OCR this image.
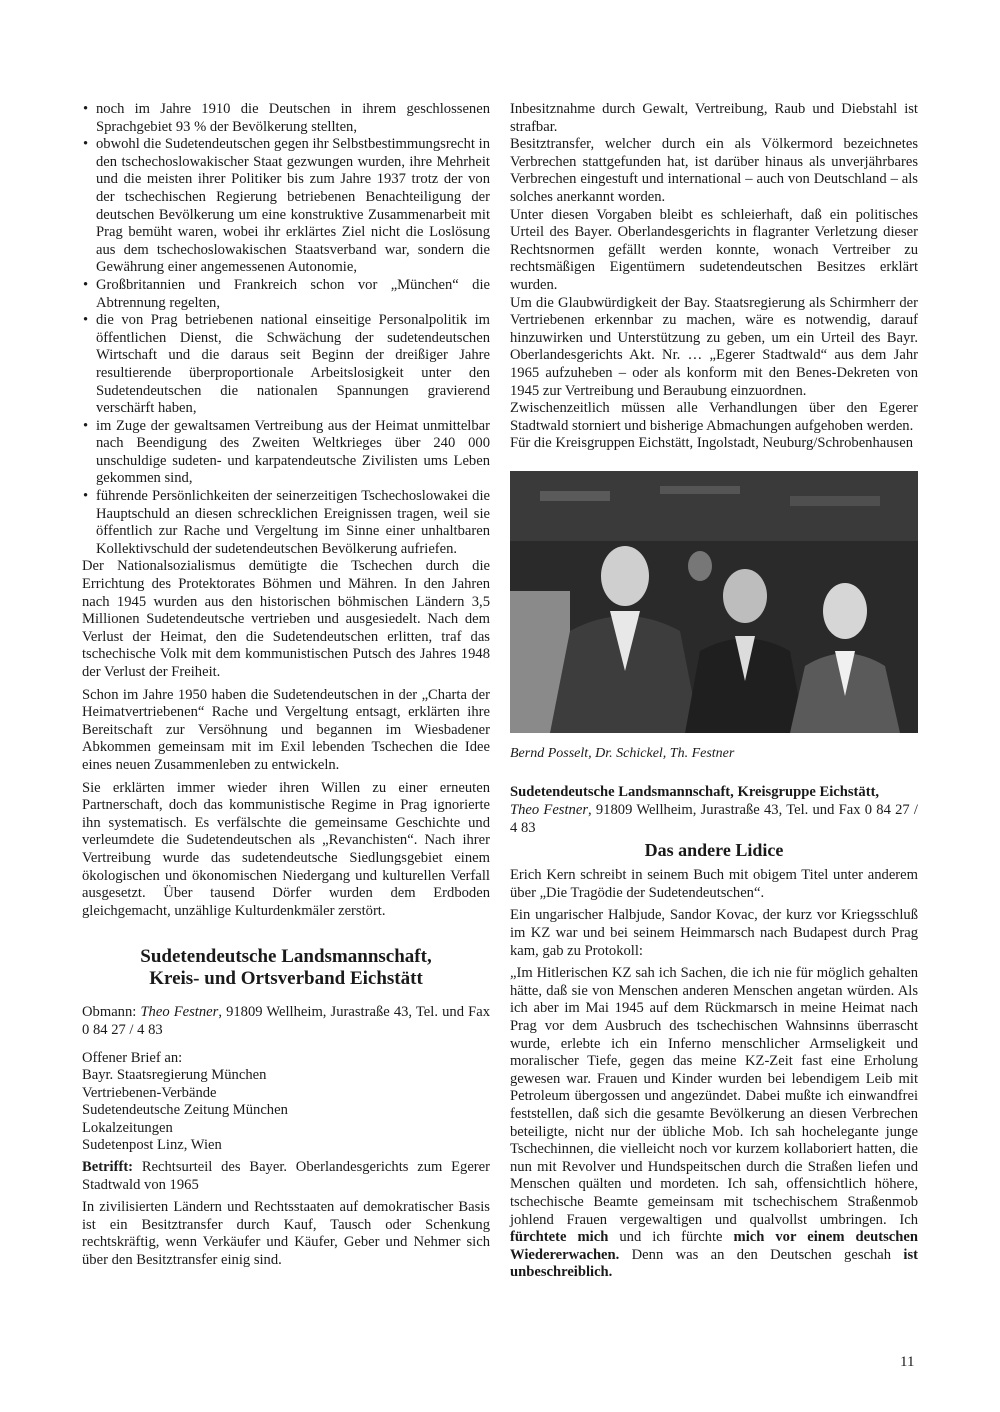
• noch im Jahre 1910 die Deutschen in ihrem geschlossenen Sprachgebiet 93 % der Bevölkerung stellten,
• obwohl die Sudetendeutschen gegen ihr Selbstbestimmungsrecht in den tschechoslowakischer Staat gezwungen wurden, ihre Mehrheit und die meisten ihrer Politiker bis zum Jahre 1937 trotz der von der tschechischen Regierung betriebenen Benachteiligung der deutschen Bevölkerung um eine konstruktive Zusammenarbeit mit Prag bemüht waren, wobei ihr erklärtes Ziel nicht die Loslösung aus dem tschechoslowakischen Staatsverband war, sondern die Gewährung einer angemessenen Autonomie,
• Großbritannien und Frankreich schon vor „München“ die Abtrennung regelten,
• die von Prag betriebenen national einseitige Personalpolitik im öffentlichen Dienst, die Schwächung der sudetendeutschen Wirtschaft und die daraus seit Beginn der dreißiger Jahre resultierende überproportionale Arbeitslosigkeit unter den Sudetendeutschen die nationalen Spannungen gravierend verschärft haben,
• im Zuge der gewaltsamen Vertreibung aus der Heimat unmittelbar nach Beendigung des Zweiten Weltkrieges über 240 000 unschuldige sudeten- und karpatendeutsche Zivilisten ums Leben gekommen sind,
• führende Persönlichkeiten der seinerzeitigen Tschechoslowakei die Hauptschuld an diesen schrecklichen Ereignissen tragen, weil sie öffentlich zur Rache und Vergeltung im Sinne einer unhaltbaren Kollektivschuld der sudetendeutschen Bevölkerung aufriefen.

Der Nationalsozialismus demütigte die Tschechen durch die Errichtung des Protektorates Böhmen und Mähren. In den Jahren nach 1945 wurden aus den historischen böhmischen Ländern 3,5 Millionen Sudetendeutsche vertrieben und ausgesiedelt. Nach dem Verlust der Heimat, den die Sudetendeutschen erlitten, traf das tschechische Volk mit dem kommunistischen Putsch des Jahres 1948 der Verlust der Freiheit.

Schon im Jahre 1950 haben die Sudetendeutschen in der „Charta der Heimatvertriebenen“ Rache und Vergeltung entsagt, erklärten ihre Bereitschaft zur Versöhnung und begannen im Wiesbadener Abkommen gemeinsam mit im Exil lebenden Tschechen die Idee eines neuen Zusammenleben zu entwickeln.

Sie erklärten immer wieder ihren Willen zu einer erneuten Partnerschaft, doch das kommunistische Regime in Prag ignorierte ihn systematisch. Es verfälschte die gemeinsame Geschichte und verleumdete die Sudetendeutschen als „Revanchisten“. Nach ihrer Vertreibung wurde das sudetendeutsche Siedlungsgebiet einem ökologischen und ökonomischen Niedergang und kulturellen Verfall ausgesetzt. Über tausend Dörfer wurden dem Erdboden gleichgemacht, unzählige Kulturdenkmäler zerstört.

Sudetendeutsche Landsmannschaft,
Kreis- und Ortsverband Eichstätt

Obmann: Theo Festner, 91809 Wellheim, Jurastraße 43, Tel. und Fax 0 84 27 / 4 83

Offener Brief an:
Bayr. Staatsregierung München
Vertriebenen-Verbände
Sudetendeutsche Zeitung München
Lokalzeitungen
Sudetenpost Linz, Wien

Betrifft: Rechtsurteil des Bayer. Oberlandesgerichts zum Egerer Stadtwald von 1965

In zivilisierten Ländern und Rechtsstaaten auf demokratischer Basis ist ein Besitztransfer durch Kauf, Tausch oder Schenkung rechtskräftig, wenn Verkäufer und Käufer, Geber und Nehmer sich über den Besitztransfer einig sind.

Inbesitznahme durch Gewalt, Vertreibung, Raub und Diebstahl ist strafbar.

Besitztransfer, welcher durch ein als Völkermord bezeichnetes Verbrechen stattgefunden hat, ist darüber hinaus als unverjährbares Verbrechen eingestuft und international – auch von Deutschland – als solches anerkannt worden.

Unter diesen Vorgaben bleibt es schleierhaft, daß ein politisches Urteil des Bayer. Oberlandesgerichts in flagranter Verletzung dieser Rechtsnormen gefällt werden konnte, wonach Vertreiber zu rechtsmäßigen Eigentümern sudetendeutschen Besitzes erklärt wurden.

Um die Glaubwürdigkeit der Bay. Staatsregierung als Schirmherr der Vertriebenen erkennbar zu machen, wäre es notwendig, darauf hinzuwirken und Unterstützung zu geben, um ein Urteil des Bayr. Oberlandesgerichts Akt. Nr. … „Egerer Stadtwald“ aus dem Jahr 1965 aufzuheben – oder als konform mit den Benes-Dekreten von 1945 zur Vertreibung und Beraubung einzuordnen.

Zwischenzeitlich müssen alle Verhandlungen über den Egerer Stadtwald storniert und bisherige Abmachungen aufgehoben werden.

Für die Kreisgruppen Eichstätt, Ingolstadt, Neuburg/Schrobenhausen

Bernd Posselt, Dr. Schickel, Th. Festner

Sudetendeutsche Landsmannschaft, Kreisgruppe Eichstätt,
Theo Festner, 91809 Wellheim, Jurastraße 43, Tel. und Fax 0 84 27 / 4 83

Das andere Lidice

Erich Kern schreibt in seinem Buch mit obigem Titel unter anderem über „Die Tragödie der Sudetendeutschen“.

Ein ungarischer Halbjude, Sandor Kovac, der kurz vor Kriegsschluß im KZ war und bei seinem Heimmarsch nach Budapest durch Prag kam, gab zu Protokoll:

„Im Hitlerischen KZ sah ich Sachen, die ich nie für möglich gehalten hätte, daß sie von Menschen anderen Menschen angetan würden. Als ich aber im Mai 1945 auf dem Rückmarsch in meine Heimat nach Prag vor dem Ausbruch des tschechischen Wahnsinns überrascht wurde, erlebte ich ein Inferno menschlicher Armseligkeit und moralischer Tiefe, gegen das meine KZ-Zeit fast eine Erholung gewesen war. Frauen und Kinder wurden bei lebendigem Leib mit Petroleum übergossen und angezündet. Dabei mußte ich einwandfrei feststellen, daß sich die gesamte Bevölkerung an diesen Verbrechen beteiligte, nicht nur der übliche Mob. Ich sah hochelegante junge Tschechinnen, die vielleicht noch vor kurzem kollaboriert hatten, die nun mit Revolver und Hundspeitschen durch die Straßen liefen und Menschen quälten und mordeten. Ich sah, offensichtlich höhere, tschechische Beamte gemeinsam mit tschechischem Straßenmob johlend Frauen vergewaltigen und qualvollst umbringen. Ich fürchtete mich und ich fürchte mich vor einem deutschen Wiedererwachen. Denn was an den Deutschen geschah ist unbeschreiblich.

11
